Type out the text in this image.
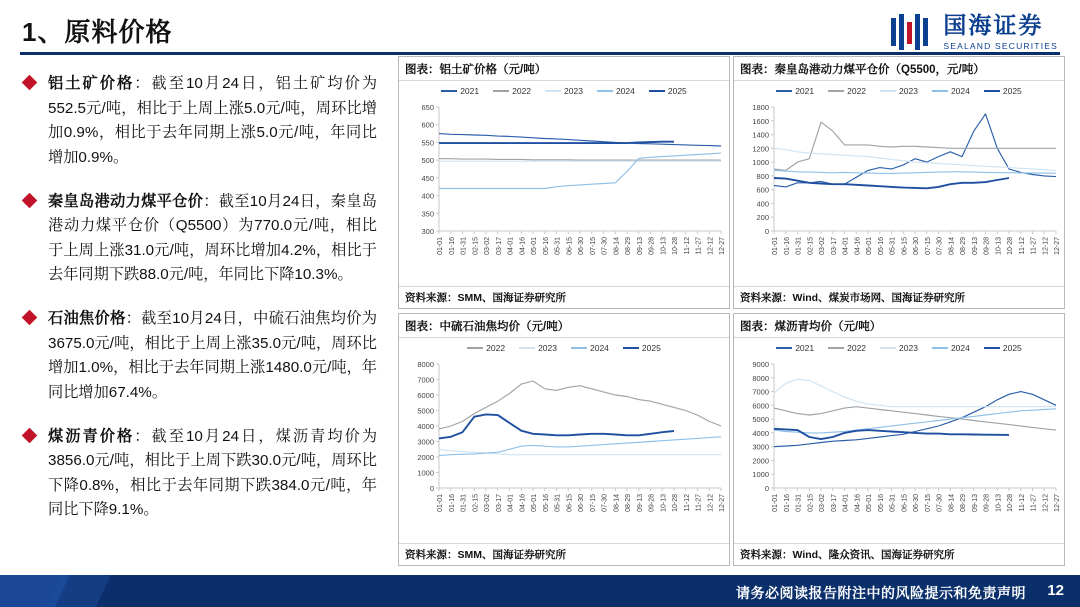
1、原料价格	国海证券
SEALAND SECURITIES
铝土矿价格：截至10月24日，铝土矿均价为552.5元/吨，相比于上周上涨5.0元/吨，周环比增加0.9%，相比于去年同期上涨5.0元/吨，年同比增加0.9%。
秦皇岛港动力煤平仓价：截至10月24日，秦皇岛港动力煤平仓价（Q5500）为770.0元/吨，相比于上周上涨31.0元/吨，周环比增加4.2%，相比于去年同期下跌88.0元/吨，年同比下降10.3%。
石油焦价格：截至10月24日，中硫石油焦均价为3675.0元/吨，相比于上周上涨35.0元/吨，周环比增加1.0%，相比于去年同期上涨1480.0元/吨，年同比增加67.4%。
煤沥青价格：截至10月24日，煤沥青均价为3856.0元/吨，相比于上周下跌30.0元/吨，周环比下降0.8%，相比于去年同期下跌384.0元/吨，年同比下降9.1%。
图表：铝土矿价格（元/吨）
2021	2022	2023	2024	2025
300
350
400
450
500
550
600
650
01-01 01-16 01-31 02-15 03-02 03-17 04-01 04-16 05-01 05-16 05-31 06-15 06-30 07-15 07-30 08-14 08-29 09-13 09-28 10-13 10-28 11-12 11-27 12-12 12-27
资料来源：SMM、国海证券研究所
图表：秦皇岛港动力煤平仓价（Q5500，元/吨）
2021	2022	2023	2024	2025
0
200
400
600
800
1000
1200
1400
1600
1800
01-01 01-16 01-31 02-15 03-02 03-17 04-01 04-16 05-01 05-16 05-31 06-15 06-30 07-15 07-30 08-14 08-29 09-13 09-28 10-13 10-28 11-12 11-27 12-12 12-27
资料来源：Wind、煤炭市场网、国海证券研究所
图表：中硫石油焦均价（元/吨）
2022	2023	2024	2025
0
1000
2000
3000
4000
5000
6000
7000
8000
01-01 01-16 01-31 02-15 03-02 03-17 04-01 04-16 05-01 05-16 05-31 06-15 06-30 07-15 07-30 08-14 08-29 09-13 09-28 10-13 10-28 11-12 11-27 12-12 12-27
资料来源：SMM、国海证券研究所
图表：煤沥青均价（元/吨）
2021	2022	2023	2024	2025
0
1000
2000
3000
4000
5000
6000
7000
8000
9000
01-01 01-16 01-31 02-15 03-02 03-17 04-01 04-16 05-01 05-16 05-31 06-15 06-30 07-15 07-30 08-14 08-29 09-13 09-28 10-13 10-28 11-12 11-27 12-12 12-27
资料来源：Wind、隆众资讯、国海证券研究所
请务必阅读报告附注中的风险提示和免责声明 12
